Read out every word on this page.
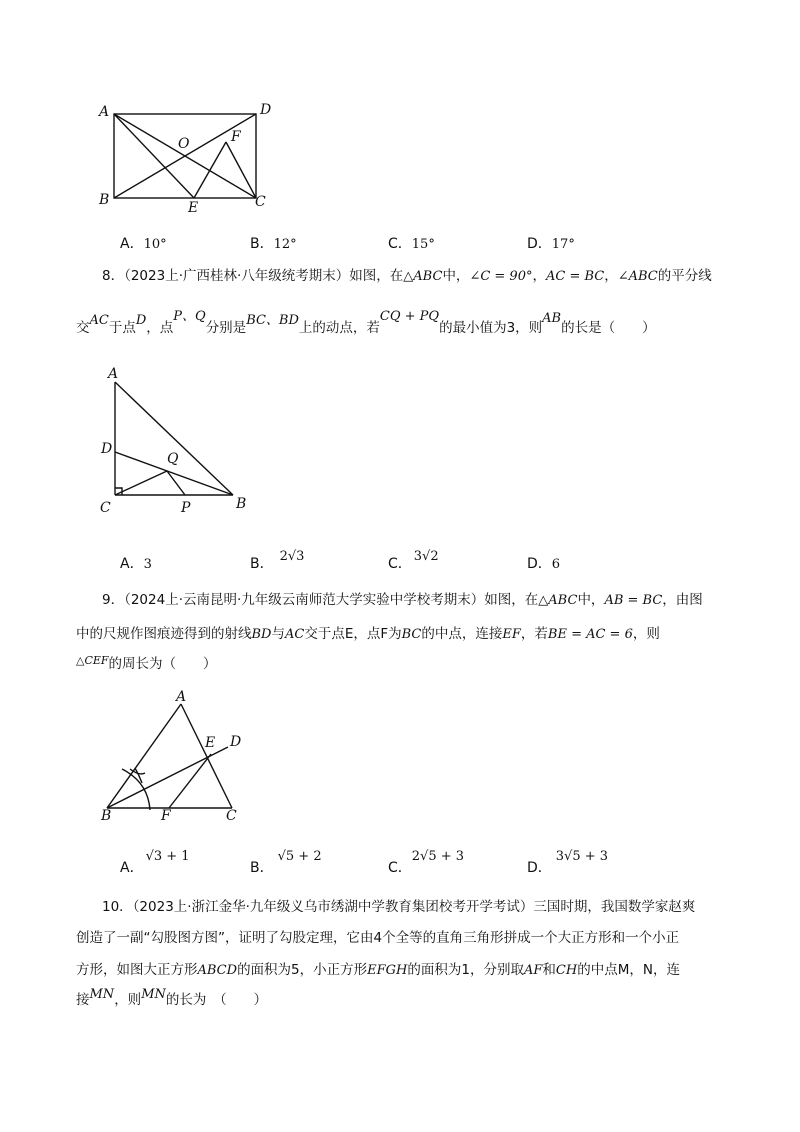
A	D
O	F
B	E	C
A．10°	B．12°	C．15°	D．17°
8．（2023上·广西桂林·八年级统考期末）如图，在△ABC中，∠C = 90°，AC = BC，∠ABC的平分线
交AC于点D，点P、Q分别是BC、BD上的动点，若CQ + PQ的最小值为3，则AB的长是（　　）
A
D
Q
C	P	B
A．3	B． 2√3	C． 3√2	D．6
9．（2024上·云南昆明·九年级云南师范大学实验中学校考期末）如图，在△ABC中，AB = BC，由图
中的尺规作图痕迹得到的射线BD与AC交于点E，点F为BC的中点，连接EF，若BE = AC = 6，则
$^{\triangle CEF}$的周长为（　　）
A
E D
B	F	C
A．√3 + 1
B．√5 + 2
C．2√5 + 3
D．3√5 + 3
10．（2023上·浙江金华·九年级义乌市绣湖中学教育集团校考开学考试）三国时期，我国数学家赵爽
创造了一副“勾股图方图”，证明了勾股定理，它由4个全等的直角三角形拼成一个大正方形和一个小正
方形，如图大正方形ABCD的面积为5，小正方形EFGH的面积为1，分别取AF和CH的中点M，N，连
接MN，则MN的长为　（　　）
